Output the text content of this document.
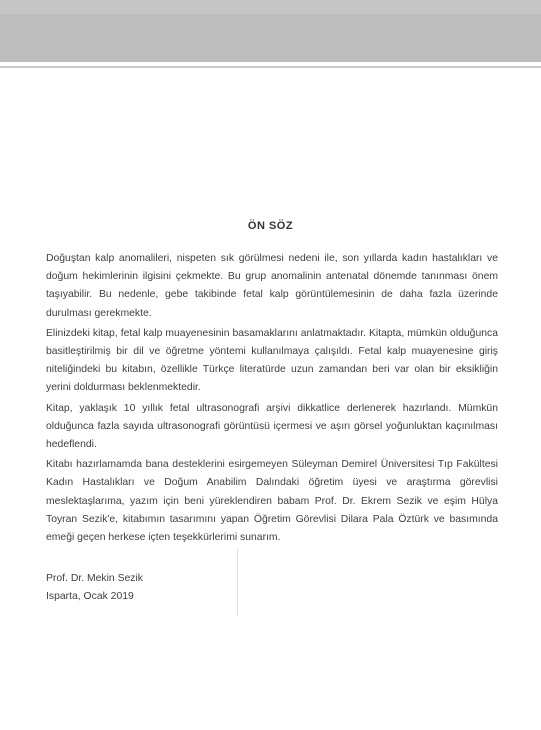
ÖN SÖZ

Doğuştan kalp anomalileri, nispeten sık görülmesi nedeni ile, son yıllarda kadın hastalıkları ve doğum hekimlerinin ilgisini çekmekte. Bu grup anomalinin antenatal dönemde tanınması önem taşıyabilir. Bu nedenle, gebe takibinde fetal kalp görüntülemesinin de daha fazla üzerinde durulması gerekmekte.

Elinizdeki kitap, fetal kalp muayenesinin basamaklarını anlatmaktadır. Kitapta, mümkün olduğunca basitleştirilmiş bir dil ve öğretme yöntemi kullanılmaya çalışıldı. Fetal kalp muayenesine giriş niteliğindeki bu kitabın, özellikle Türkçe literatürde uzun zamandan beri var olan bir eksikliğin yerini doldurması beklenmektedir.

Kitap, yaklaşık 10 yıllık fetal ultrasonografi arşivi dikkatlice derlenerek hazırlandı. Mümkün olduğunca fazla sayıda ultrasonografi görüntüsü içermesi ve aşırı görsel yoğunluktan kaçınılması hedeflendi.

Kitabı hazırlamamda bana desteklerini esirgemeyen Süleyman Demirel Üniversitesi Tıp Fakültesi Kadın Hastalıkları ve Doğum Anabilim Dalındaki öğretim üyesi ve araştırma görevlisi meslektaşlarıma, yazım için beni yüreklendiren babam Prof. Dr. Ekrem Sezik ve eşim Hülya Toyran Sezik'e, kitabımın tasarımını yapan Öğretim Görevlisi Dilara Pala Öztürk ve basımında emeği geçen herkese içten teşekkürlerimi sunarım.

Prof. Dr. Mekin Sezik
Isparta, Ocak 2019
